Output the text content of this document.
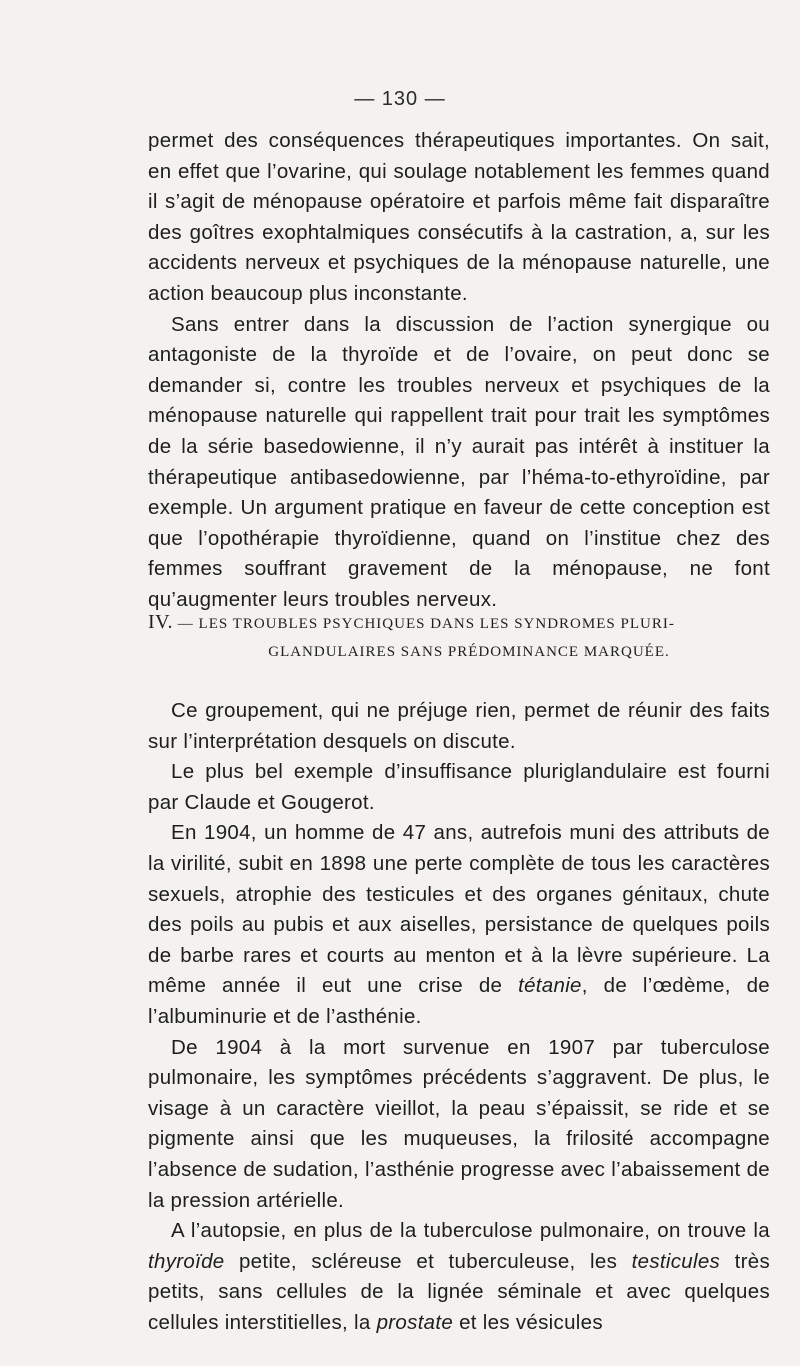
— 130 —

permet des conséquences thérapeutiques importantes. On sait, en effet que l’ovarine, qui soulage notablement les femmes quand il s’agit de ménopause opératoire et parfois même fait disparaître des goîtres exophtalmiques consécutifs à la castration, a, sur les accidents nerveux et psychiques de la ménopause naturelle, une action beaucoup plus inconstante.

Sans entrer dans la discussion de l’action synergique ou antagoniste de la thyroïde et de l’ovaire, on peut donc se demander si, contre les troubles nerveux et psychiques de la ménopause naturelle qui rappellent trait pour trait les symptômes de la série basedowienne, il n’y aurait pas intérêt à instituer la thérapeutique antibasedowienne, par l’héma-to-ethyroïdine, par exemple. Un argument pratique en faveur de cette conception est que l’opothérapie thyroïdienne, quand on l’institue chez des femmes souffrant gravement de la ménopause, ne font qu’augmenter leurs troubles nerveux.

IV. — LES TROUBLES PSYCHIQUES DANS LES SYNDROMES PLURI-
GLANDULAIRES SANS PRÉDOMINANCE MARQUÉE.

Ce groupement, qui ne préjuge rien, permet de réunir des faits sur l’interprétation desquels on discute.

Le plus bel exemple d’insuffisance pluriglandulaire est fourni par Claude et Gougerot.

En 1904, un homme de 47 ans, autrefois muni des attributs de la virilité, subit en 1898 une perte complète de tous les caractères sexuels, atrophie des testicules et des organes génitaux, chute des poils au pubis et aux aiselles, persistance de quelques poils de barbe rares et courts au menton et à la lèvre supérieure. La même année il eut une crise de tétanie, de l’œdème, de l’albuminurie et de l’asthénie.

De 1904 à la mort survenue en 1907 par tuberculose pulmonaire, les symptômes précédents s’aggravent. De plus, le visage à un caractère vieillot, la peau s’épaissit, se ride et se pigmente ainsi que les muqueuses, la frilosité accompagne l’absence de sudation, l’asthénie progresse avec l’abaissement de la pression artérielle.

A l’autopsie, en plus de la tuberculose pulmonaire, on trouve la thyroïde petite, scléreuse et tuberculeuse, les testicules très petits, sans cellules de la lignée séminale et avec quelques cellules interstitielles, la prostate et les vésicules
